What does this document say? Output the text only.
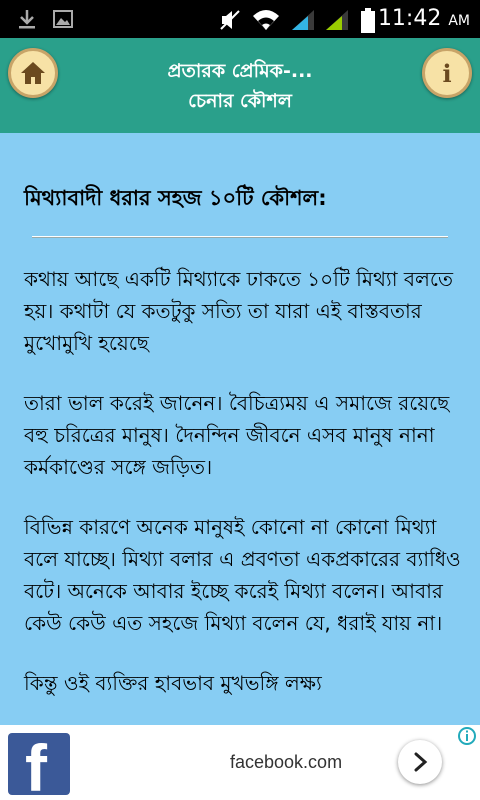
11:42 AM
প্রতারক প্রেমিক-...
চেনার কৌশল
i
মিথ্যাবাদী ধরার সহজ ১০টি কৌশল:

কথায় আছে একটি মিথ্যাকে ঢাকতে ১০টি মিথ্যা বলতে হয়। কথাটা যে কতটুকু সত্যি তা যারা এই বাস্তবতার মুখোমুখি হয়েছে

তারা ভাল করেই জানেন। বৈচিত্র্যময় এ সমাজে রয়েছে বহু চরিত্রের মানুষ। দৈনন্দিন জীবনে এসব মানুষ নানা কর্মকাণ্ডের সঙ্গে জড়িত।

বিভিন্ন কারণে অনেক মানুষই কোনো না কোনো মিথ্যা বলে যাচ্ছে। মিথ্যা বলার এ প্রবণতা একপ্রকারের ব্যাধিও বটে। অনেকে আবার ইচ্ছে করেই মিথ্যা বলেন। আবার কেউ কেউ এত সহজে মিথ্যা বলেন যে, ধরাই যায় না।

কিন্তু ওই ব্যক্তির হাবভাব মুখভঙ্গি লক্ষ্য

f	facebook.com
